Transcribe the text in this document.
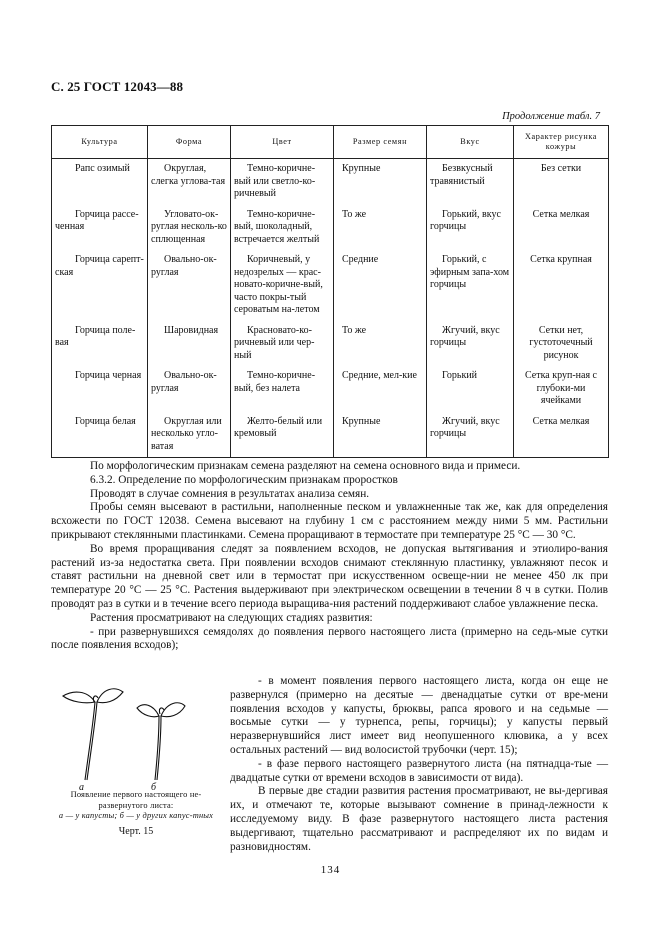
С. 25 ГОСТ 12043—88
Продолжение табл. 7
Культура	Форма	Цвет	Размер семян	Вкус	Характер рисунка кожуры
Рапс озимый	Округлая, слегка углова-тая	Темно-коричне-вый или светло-ко-ричневый	Крупные	Безвкусный травянистый	Без сетки
Горчица рассе-ченная	Угловато-ок-руглая несколь-ко сплющенная	Темно-коричне-вый, шоколадный, встречается желтый	То же	Горький, вкус горчицы	Сетка мелкая
Горчица сарепт-ская	Овально-ок-руглая	Коричневый, у недозрелых — крас-новато-коричне-вый, часто покры-тый сероватым на-летом	Средние	Горький, с эфирным запа-хом горчицы	Сетка крупная
Горчица поле-вая	Шаровидная	Красновато-ко-ричневый или чер-ный	То же	Жгучий, вкус горчицы	Сетки нет, густоточечный рисунок
Горчица черная	Овально-ок-руглая	Темно-коричне-вый, без налета	Средние, мел-кие	Горький	Сетка круп-ная с глубоки-ми ячейками
Горчица белая	Округлая или несколько угло-ватая	Желто-белый или кремовый	Крупные	Жгучий, вкус горчицы	Сетка мелкая

По морфологическим признакам семена разделяют на семена основного вида и примеси.

6.3.2. Определение по морфологическим признакам проростков

Проводят в случае сомнения в результатах анализа семян.

Пробы семян высевают в растильни, наполненные песком и увлажненные так же, как для определения всхожести по ГОСТ 12038. Семена высевают на глубину 1 см с расстоянием между ними 5 мм. Растильни прикрывают стеклянными пластинками. Семена проращивают в термостате при температуре 25 °С — 30 °С.

Во время проращивания следят за появлением всходов, не допуская вытягивания и этиолиро-вания растений из-за недостатка света. При появлении всходов снимают стеклянную пластинку, увлажняют песок и ставят растильни на дневной свет или в термостат при искусственном освеще-нии не менее 450 лк при температуре 20 °С — 25 °С. Растения выдерживают при электрическом освещении в течении 8 ч в сутки. Полив проводят раз в сутки и в течение всего периода выращива-ния растений поддерживают слабое увлажнение песка.

Растения просматривают на следующих стадиях развития:

- при развернувшихся семядолях до появления первого настоящего листа (примерно на седь-мые сутки после появления всходов);

а	б
Появление первого настоящего не-развернутого листа:
а — у капусты; б — у других капус-тных
Черт. 15

- в момент появления первого настоящего листа, когда он еще не развернулся (примерно на десятые — двенадцатые сутки от вре-мени появления всходов у капусты, брюквы, рапса ярового и на седьмые — восьмые сутки — у турнепса, репы, горчицы); у капусты первый неразвернувшийся лист имеет вид неопушенного клювика, а у всех остальных растений — вид волосистой трубочки (черт. 15);

- в фазе первого настоящего развернутого листа (на пятнадца-тые — двадцатые сутки от времени всходов в зависимости от вида).

В первые две стадии развития растения просматривают, не вы-дергивая их, и отмечают те, которые вызывают сомнение в принад-лежности к исследуемому виду. В фазе развернутого настоящего листа растения выдергивают, тщательно рассматривают и распределяют их по видам и разновидностям.

134
